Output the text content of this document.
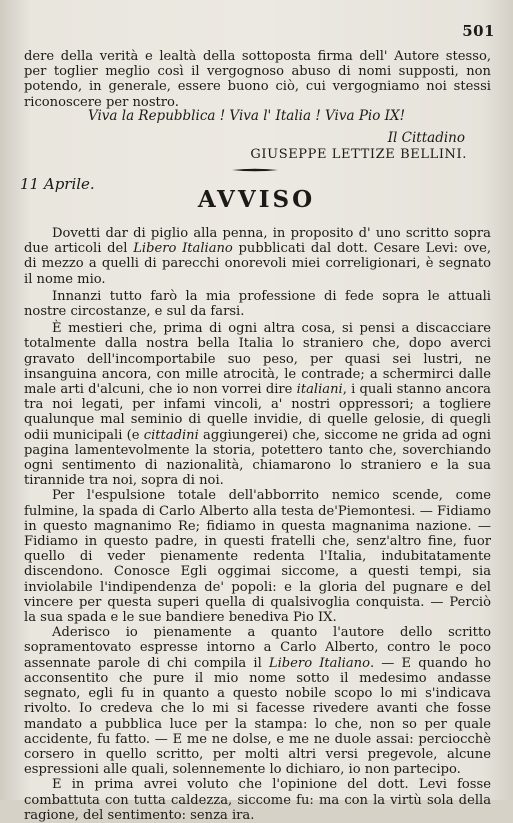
501

dere della verità e lealtà della sottoposta firma dell' Autore stesso, per toglier meglio così il vergognoso abuso di nomi supposti, non potendo, in generale, essere buono ciò, cui vergogniamo noi stessi riconoscere per nostro.

Viva la Repubblica ! Viva l' Italia ! Viva Pio IX!
Il Cittadino
GIUSEPPE LETTIZE BELLINI.
11 Aprile.
AVVISO

Dovetti dar di piglio alla penna, in proposito d' uno scritto sopra due articoli del Libero Italiano pubblicati dal dott. Cesare Levi: ove, di mezzo a quelli di parecchi onorevoli miei correligionari, è segnato il nome mio.

Innanzi tutto farò la mia professione di fede sopra le attuali nostre circostanze, e sul da farsi.

È mestieri che, prima di ogni altra cosa, si pensi a discacciare totalmente dalla nostra bella Italia lo straniero che, dopo averci gravato dell'incomportabile suo peso, per quasi sei lustri, ne insanguina ancora, con mille atrocità, le contrade; a schermirci dalle male arti d'alcuni, che io non vorrei dire italiani, i quali stanno ancora tra noi legati, per infami vincoli, a' nostri oppressori; a togliere qualunque mal seminio di quelle invidie, di quelle gelosie, di quegli odii municipali (e cittadini aggiungerei) che, siccome ne grida ad ogni pagina lamentevolmente la storia, potettero tanto che, soverchiando ogni sentimento di nazionalità, chiamarono lo straniero e la sua tirannide tra noi, sopra di noi.

Per l'espulsione totale dell'abborrito nemico scende, come fulmine, la spada di Carlo Alberto alla testa de'Piemontesi. — Fidiamo in questo magnanimo Re; fidiamo in questa magnanima nazione. — Fidiamo in questo padre, in questi fratelli che, senz'altro fine, fuor quello di veder pienamente redenta l'Italia, indubitatamente discendono. Conosce Egli oggimai siccome, a questi tempi, sia inviolabile l'indipendenza de' popoli: e la gloria del pugnare e del vincere per questa superi quella di qualsivoglia conquista. — Perciò la sua spada e le sue bandiere benediva Pio IX.

Aderisco io pienamente a quanto l'autore dello scritto sopramentovato espresse intorno a Carlo Alberto, contro le poco assennate parole di chi compila il Libero Italiano. — E quando ho acconsentito che pure il mio nome sotto il medesimo andasse segnato, egli fu in quanto a questo nobile scopo lo mi s'indicava rivolto. Io credeva che lo mi si facesse rivedere avanti che fosse mandato a pubblica luce per la stampa: lo che, non so per quale accidente, fu fatto. — E me ne dolse, e me ne duole assai: perciocchè corsero in quello scritto, per molti altri versi pregevole, alcune espressioni alle quali, solennemente lo dichiaro, io non partecipo.

E in prima avrei voluto che l'opinione del dott. Levi fosse combattuta con tutta caldezza, siccome fu: ma con la virtù sola della ragione, del sentimento: senza ira.
